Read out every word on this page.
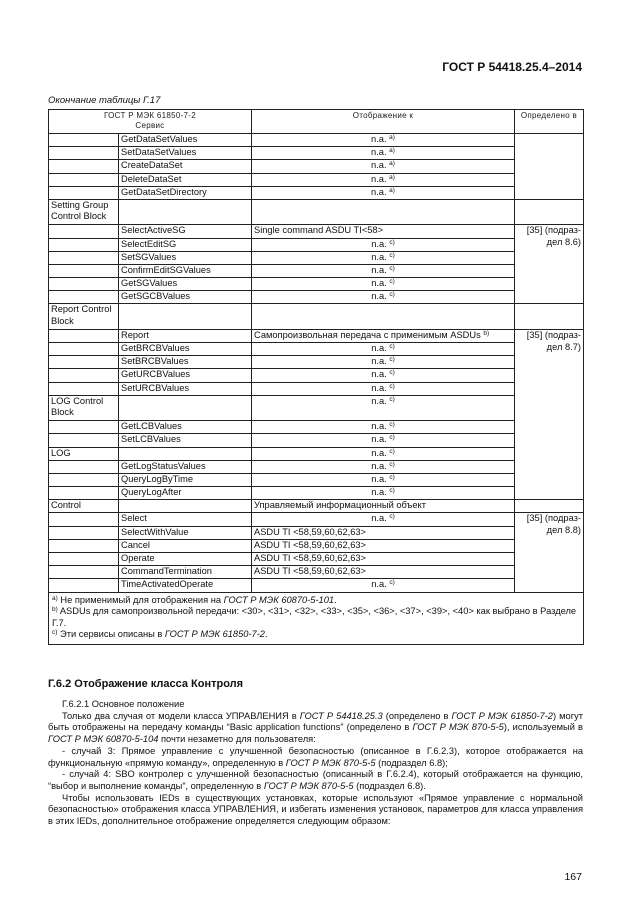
ГОСТ Р 54418.25.4–2014
Окончание таблицы Г.17
ГОСТ Р МЭК 61850-7-2
Сервис		Отображение к	Определено в
	GetDataSetValues	n.a. $^{a)}$	
	SetDataSetValues	n.a. $^{a)}$
	CreateDataSet	n.a. $^{a)}$
	DeleteDataSet	n.a. $^{a)}$
	GetDataSetDirectory	n.a. $^{a)}$
Setting Group Control Block			
	SelectActiveSG	Single command ASDU TI<58>	[35] (подраз-дел 8.6)
	SelectEditSG	n.a. $^{c)}$
	SetSGValues	n.a. $^{c)}$
	ConfirmEditSGValues	n.a. $^{c)}$
	GetSGValues	n.a. $^{c)}$
	GetSGCBValues	n.a. $^{c)}$
Report Control Block			
	Report	Самопроизвольная передача с применимым ASDUs $^{b)}$	[35] (подраз-дел 8.7)
	GetBRCBValues	n.a. $^{c)}$
	SetBRCBValues	n.a. $^{c)}$
	GetURCBValues	n.a. $^{c)}$
	SetURCBValues	n.a. $^{c)}$
LOG Control Block		n.a. $^{c)}$
	GetLCBValues	n.a. $^{c)}$
	SetLCBValues	n.a. $^{c)}$
LOG		n.a. $^{c)}$
	GetLogStatusValues	n.a. $^{c)}$
	QueryLogByTime	n.a. $^{c)}$
	QueryLogAfter	n.a. $^{c)}$
Control		Управляемый информационный объект	
	Select	n.a. $^{c)}$	[35] (подраз-дел 8.8)
	SelectWithValue	ASDU TI <58,59,60,62,63>	
	Cancel	ASDU TI <58,59,60,62,63>	
	Operate	ASDU TI <58,59,60,62,63>	
	CommandTermination	ASDU TI <58,59,60,62,63>	
	TimeActivatedOperate	n.a. $^{c)}$

$^{a)}$ Не применимый для отображения на ГОСТ Р МЭК 60870-5-101.
$^{b)}$ ASDUs для самопроизвольной передачи: <30>, <31>, <32>, <33>, <35>, <36>, <37>, <39>, <40> как выбрано в Разделе Г.7.
$^{c)}$ Эти сервисы описаны в ГОСТ Р МЭК 61850-7-2.			
Г.6.2 Отображение класса Контроля

Г.6.2.1 Основное положение

Только два случая от модели класса УПРАВЛЕНИЯ в ГОСТ Р 54418.25.3 (определено в ГОСТ Р МЭК 61850-7-2) могут быть отображены на передачу команды “Basic application functions” (определено в ГОСТ Р МЭК 870-5-5), используемый в ГОСТ Р МЭК 60870-5-104 почти незаметно для пользователя:

- случай 3: Прямое управление с улучшенной безопасностью (описанное в Г.6.2.3), которое отображается на функциональную «прямую команду», определенную в ГОСТ Р МЭК 870-5-5 (подраздел 6.8);

- случай 4: SBO контролер с улучшенной безопасностью (описанный в Г.6.2.4), который отображается на функцию, “выбор и выполнение команды”, определенную в ГОСТ Р МЭК 870-5-5 (подраздел 6.8).

Чтобы использовать IEDs в существующих установках, которые используют «Прямое управление с нормальной безопасностью» отображения класса УПРАВЛЕНИЯ, и избегать изменения установок, параметров для класса управления в этих IEDs, дополнительное отображение определяется следующим образом:

167
